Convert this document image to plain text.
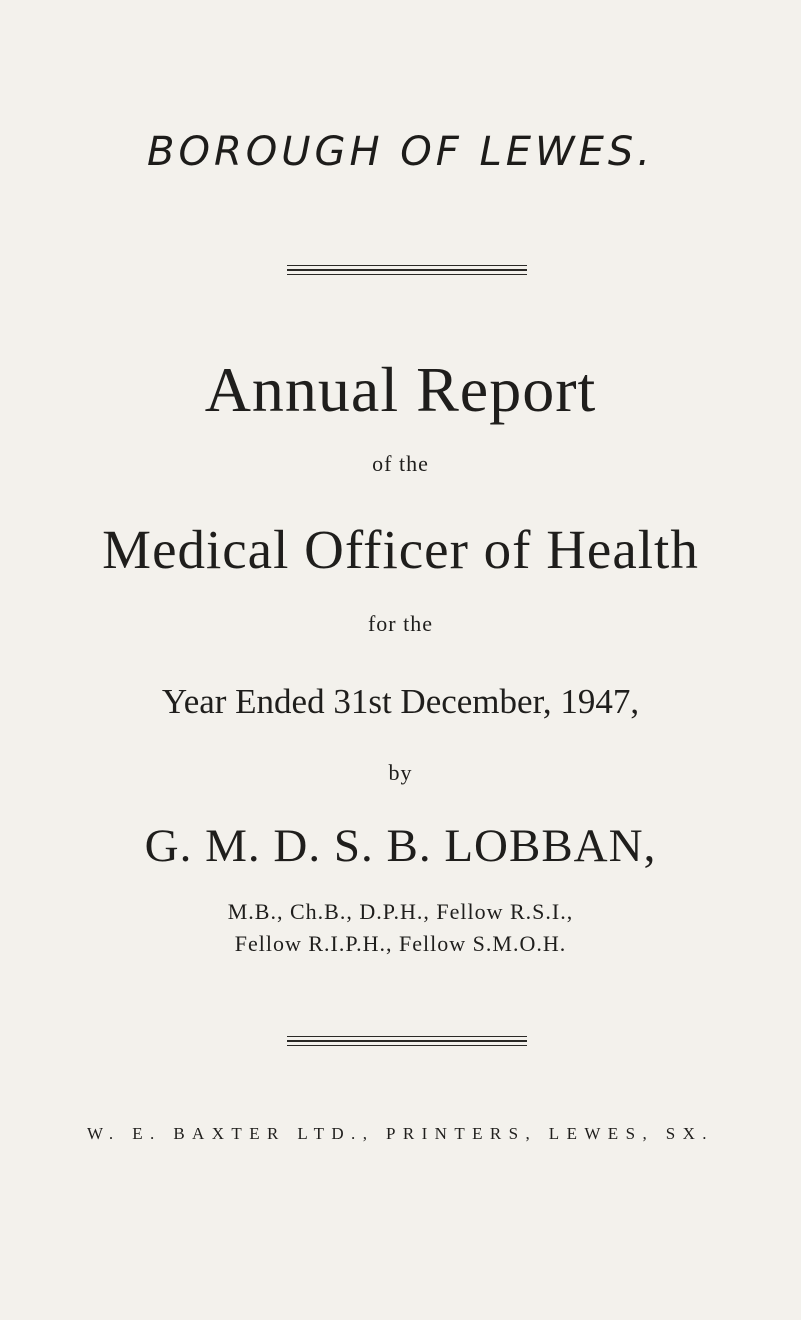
BOROUGH OF LEWES.
Annual Report
of the
Medical Officer of Health
for the
Year Ended 31st December, 1947,
by
G. M. D. S. B. LOBBAN,
M.B., Ch.B., D.P.H., Fellow R.S.I.,
Fellow R.I.P.H., Fellow S.M.O.H.
W. E. BAXTER LTD., PRINTERS, LEWES, SX.
